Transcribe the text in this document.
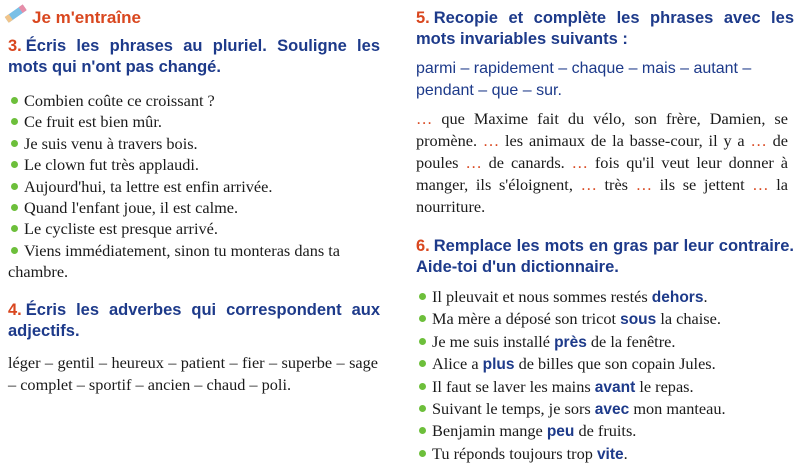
Je m'entraîne
3. Écris les phrases au pluriel. Souligne les mots qui n'ont pas changé.
Combien coûte ce croissant ?
Ce fruit est bien mûr.
Je suis venu à travers bois.
Le clown fut très applaudi.
Aujourd'hui, ta lettre est enfin arrivée.
Quand l'enfant joue, il est calme.
Le cycliste est presque arrivé.
Viens immédiatement, sinon tu monteras dans ta chambre.
4. Écris les adverbes qui correspondent aux adjectifs.
léger – gentil – heureux – patient – fier – superbe – sage – complet – sportif – ancien – chaud – poli.
5. Recopie et complète les phrases avec les mots invariables suivants :
parmi – rapidement – chaque – mais – autant – pendant – que – sur.
… que Maxime fait du vélo, son frère, Damien, se promène. … les animaux de la basse-cour, il y a … de poules … de canards. … fois qu'il veut leur donner à manger, ils s'éloignent, … très … ils se jettent … la nourriture.
6. Remplace les mots en gras par leur contraire. Aide-toi d'un dictionnaire.
Il pleuvait et nous sommes restés dehors.
Ma mère a déposé son tricot sous la chaise.
Je me suis installé près de la fenêtre.
Alice a plus de billes que son copain Jules.
Il faut se laver les mains avant le repas.
Suivant le temps, je sors avec mon manteau.
Benjamin mange peu de fruits.
Tu réponds toujours trop vite.
